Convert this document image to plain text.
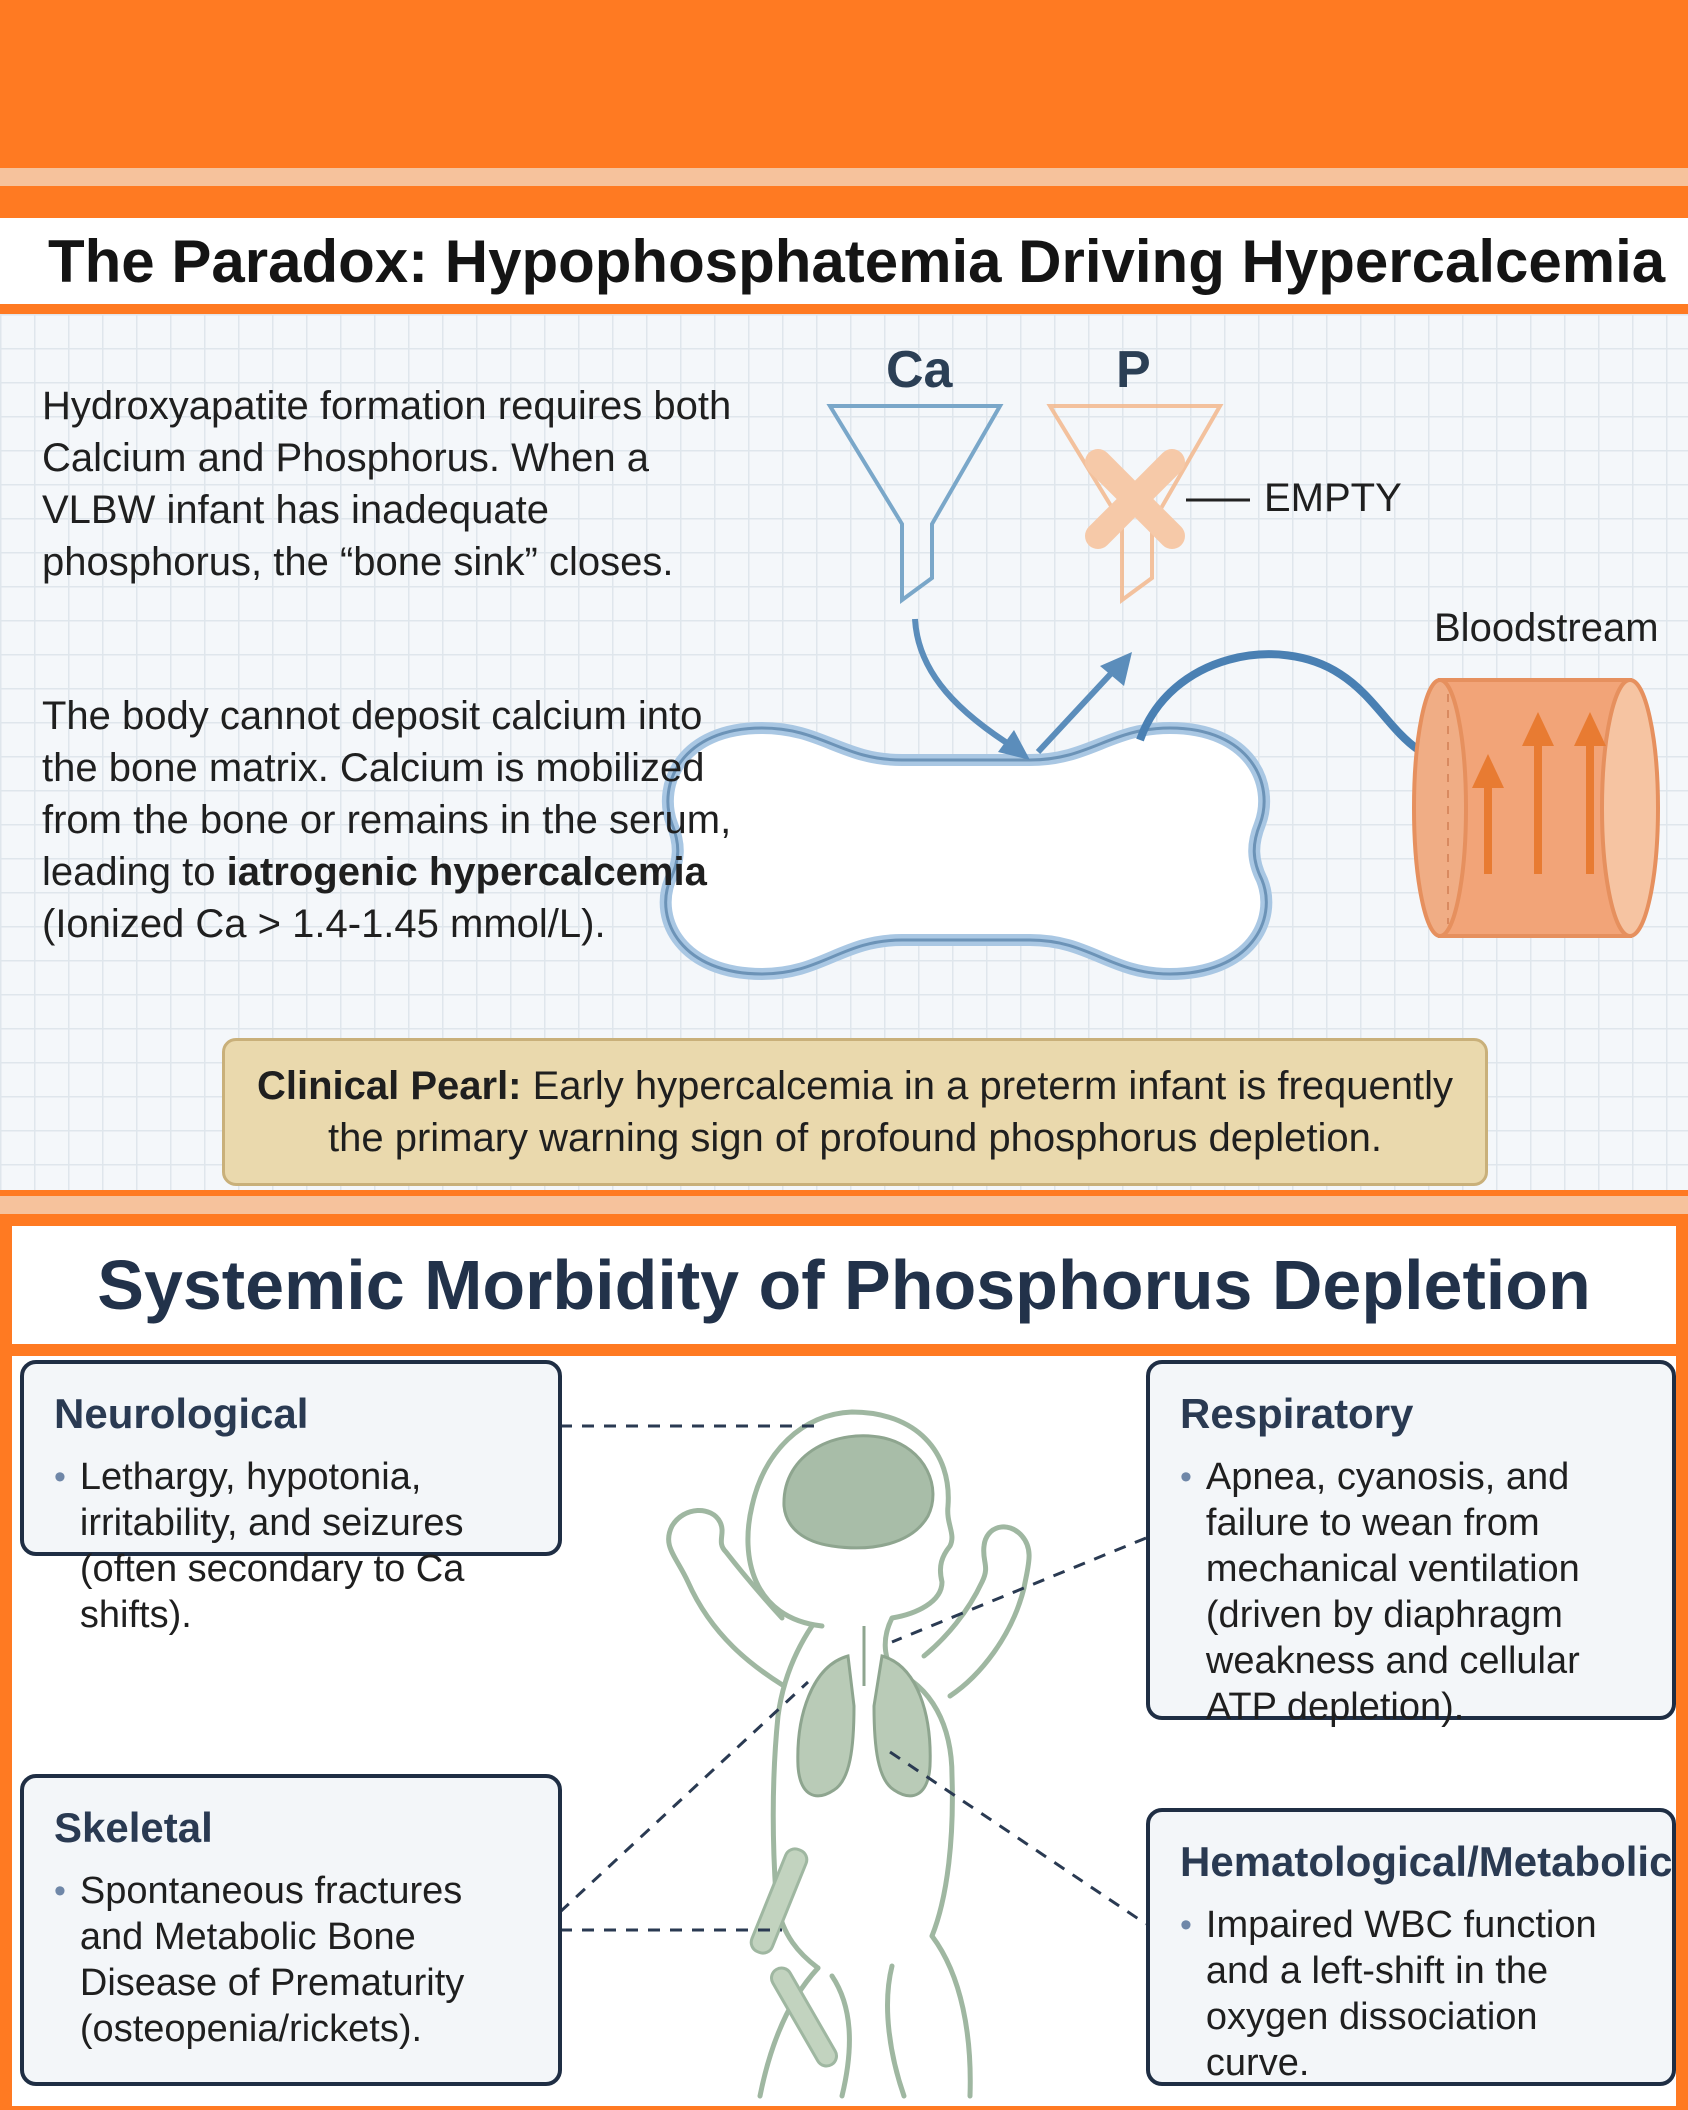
The Paradox: Hypophosphatemia Driving Hypercalcemia

Hydroxyapatite formation requires both Calcium and Phosphorus. When a VLBW infant has inadequate phosphorus, the “bone sink” closes.

The body cannot deposit calcium into the bone matrix. Calcium is mobilized from the bone or remains in the serum, leading to iatrogenic hypercalcemia (Ionized Ca > 1.4-1.45 mmol/L).

Ca	P
EMPTY
Bloodstream

Clinical Pearl: Early hypercalcemia in a preterm infant is frequently the primary warning sign of profound phosphorus depletion.

Systemic Morbidity of Phosphorus Depletion
Neurological
• Lethargy, hypotonia, irritability, and seizures (often secondary to Ca shifts).
Respiratory
• Apnea, cyanosis, and failure to wean from mechanical ventilation (driven by diaphragm weakness and cellular ATP depletion).
Skeletal
• Spontaneous fractures and Metabolic Bone Disease of Prematurity (osteopenia/rickets).
Hematological/Metabolic
• Impaired WBC function and a left-shift in the oxygen dissociation curve.
